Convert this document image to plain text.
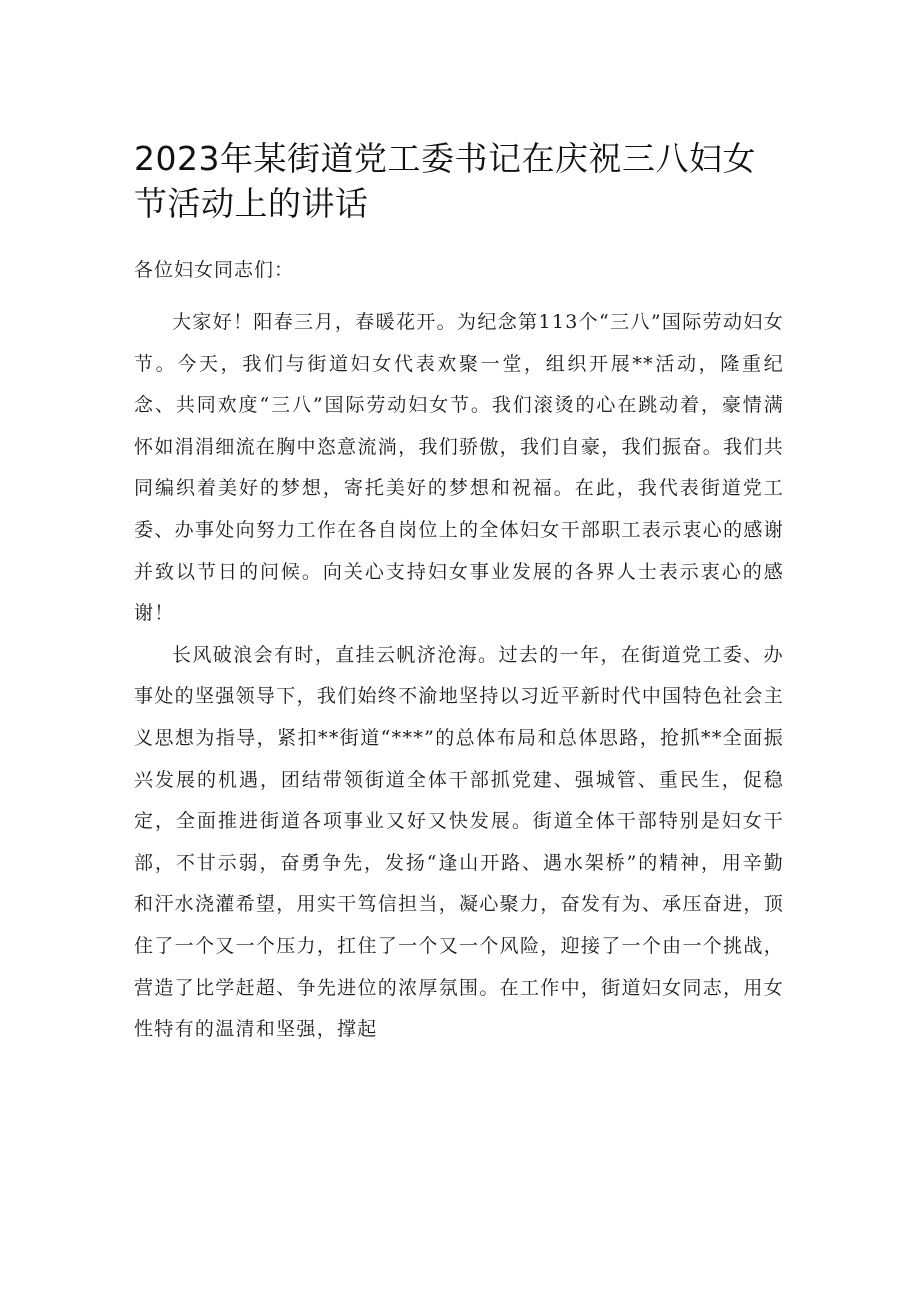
2023年某街道党工委书记在庆祝三八妇女节活动上的讲话

各位妇女同志们：

大家好！阳春三月，春暖花开。为纪念第113个“三八”国际劳动妇女节。今天，我们与街道妇女代表欢聚一堂，组织开展**活动，隆重纪念、共同欢度“三八”国际劳动妇女节。我们滚烫的心在跳动着，豪情满怀如涓涓细流在胸中恣意流淌，我们骄傲，我们自豪，我们振奋。我们共同编织着美好的梦想，寄托美好的梦想和祝福。在此，我代表街道党工委、办事处向努力工作在各自岗位上的全体妇女干部职工表示衷心的感谢并致以节日的问候。向关心支持妇女事业发展的各界人士表示衷心的感谢！

长风破浪会有时，直挂云帆济沧海。过去的一年，在街道党工委、办事处的坚强领导下，我们始终不渝地坚持以习近平新时代中国特色社会主义思想为指导，紧扣**街道“***”的总体布局和总体思路，抢抓**全面振兴发展的机遇，团结带领街道全体干部抓党建、强城管、重民生，促稳定，全面推进街道各项事业又好又快发展。街道全体干部特别是妇女干部，不甘示弱，奋勇争先，发扬“逢山开路、遇水架桥”的精神，用辛勤和汗水浇灌希望，用实干笃信担当，凝心聚力，奋发有为、承压奋进，顶住了一个又一个压力，扛住了一个又一个风险，迎接了一个由一个挑战，营造了比学赶超、争先进位的浓厚氛围。在工作中，街道妇女同志，用女性特有的温清和坚强，撑起
